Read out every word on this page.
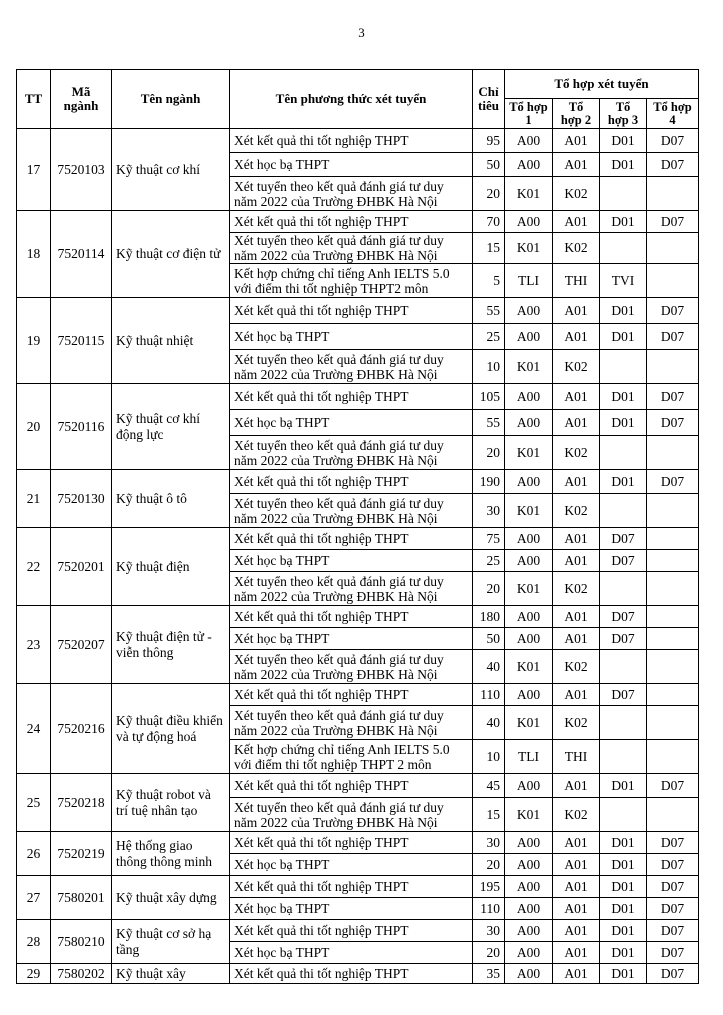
3
TT	Mã ngành	Tên ngành	Tên phương thức xét tuyển	Chỉ tiêu	Tổ hợp xét tuyển			
					Tổ hợp 1	Tổ hợp 2	Tổ hợp 3	Tổ hợp 4
17	7520103	Kỹ thuật cơ khí	Xét kết quả thi tốt nghiệp THPT	95	A00	A01	D01	D07
			Xét học bạ THPT	50	A00	A01	D01	D07
			Xét tuyển theo kết quả đánh giá tư duy năm 2022 của Trường ĐHBK Hà Nội	20	K01	K02		
18	7520114	Kỹ thuật cơ điện tử	Xét kết quả thi tốt nghiệp THPT	70	A00	A01	D01	D07
			Xét tuyển theo kết quả đánh giá tư duy năm 2022 của Trường ĐHBK Hà Nội	15	K01	K02		
			Kết hợp chứng chỉ tiếng Anh IELTS 5.0 với điểm thi tốt nghiệp THPT2 môn	5	TLI	THI	TVI	
19	7520115	Kỹ thuật nhiệt	Xét kết quả thi tốt nghiệp THPT	55	A00	A01	D01	D07
			Xét học bạ THPT	25	A00	A01	D01	D07
			Xét tuyển theo kết quả đánh giá tư duy năm 2022 của Trường ĐHBK Hà Nội	10	K01	K02		
20	7520116	Kỹ thuật cơ khí động lực	Xét kết quả thi tốt nghiệp THPT	105	A00	A01	D01	D07
			Xét học bạ THPT	55	A00	A01	D01	D07
			Xét tuyển theo kết quả đánh giá tư duy năm 2022 của Trường ĐHBK Hà Nội	20	K01	K02		
21	7520130	Kỹ thuật ô tô	Xét kết quả thi tốt nghiệp THPT	190	A00	A01	D01	D07
			Xét tuyển theo kết quả đánh giá tư duy năm 2022 của Trường ĐHBK Hà Nội	30	K01	K02		
22	7520201	Kỹ thuật điện	Xét kết quả thi tốt nghiệp THPT	75	A00	A01	D07	
			Xét học bạ THPT	25	A00	A01	D07	
			Xét tuyển theo kết quả đánh giá tư duy năm 2022 của Trường ĐHBK Hà Nội	20	K01	K02		
23	7520207	Kỹ thuật điện tử - viễn thông	Xét kết quả thi tốt nghiệp THPT	180	A00	A01	D07	
			Xét học bạ THPT	50	A00	A01	D07	
			Xét tuyển theo kết quả đánh giá tư duy năm 2022 của Trường ĐHBK Hà Nội	40	K01	K02		
24	7520216	Kỹ thuật điều khiển và tự động hoá	Xét kết quả thi tốt nghiệp THPT	110	A00	A01	D07	
			Xét tuyển theo kết quả đánh giá tư duy năm 2022 của Trường ĐHBK Hà Nội	40	K01	K02		
			Kết hợp chứng chỉ tiếng Anh IELTS 5.0 với điểm thi tốt nghiệp THPT 2 môn	10	TLI	THI		
25	7520218	Kỹ thuật robot và trí tuệ nhân tạo	Xét kết quả thi tốt nghiệp THPT	45	A00	A01	D01	D07
			Xét tuyển theo kết quả đánh giá tư duy năm 2022 của Trường ĐHBK Hà Nội	15	K01	K02		
26	7520219	Hệ thống giao thông thông minh	Xét kết quả thi tốt nghiệp THPT	30	A00	A01	D01	D07
			Xét học bạ THPT	20	A00	A01	D01	D07
27	7580201	Kỹ thuật xây dựng	Xét kết quả thi tốt nghiệp THPT	195	A00	A01	D01	D07
			Xét học bạ THPT	110	A00	A01	D01	D07
28	7580210	Kỹ thuật cơ sở hạ tầng	Xét kết quả thi tốt nghiệp THPT	30	A00	A01	D01	D07
			Xét học bạ THPT	20	A00	A01	D01	D07
29	7580202	Kỹ thuật xây	Xét kết quả thi tốt nghiệp THPT	35	A00	A01	D01	D07
